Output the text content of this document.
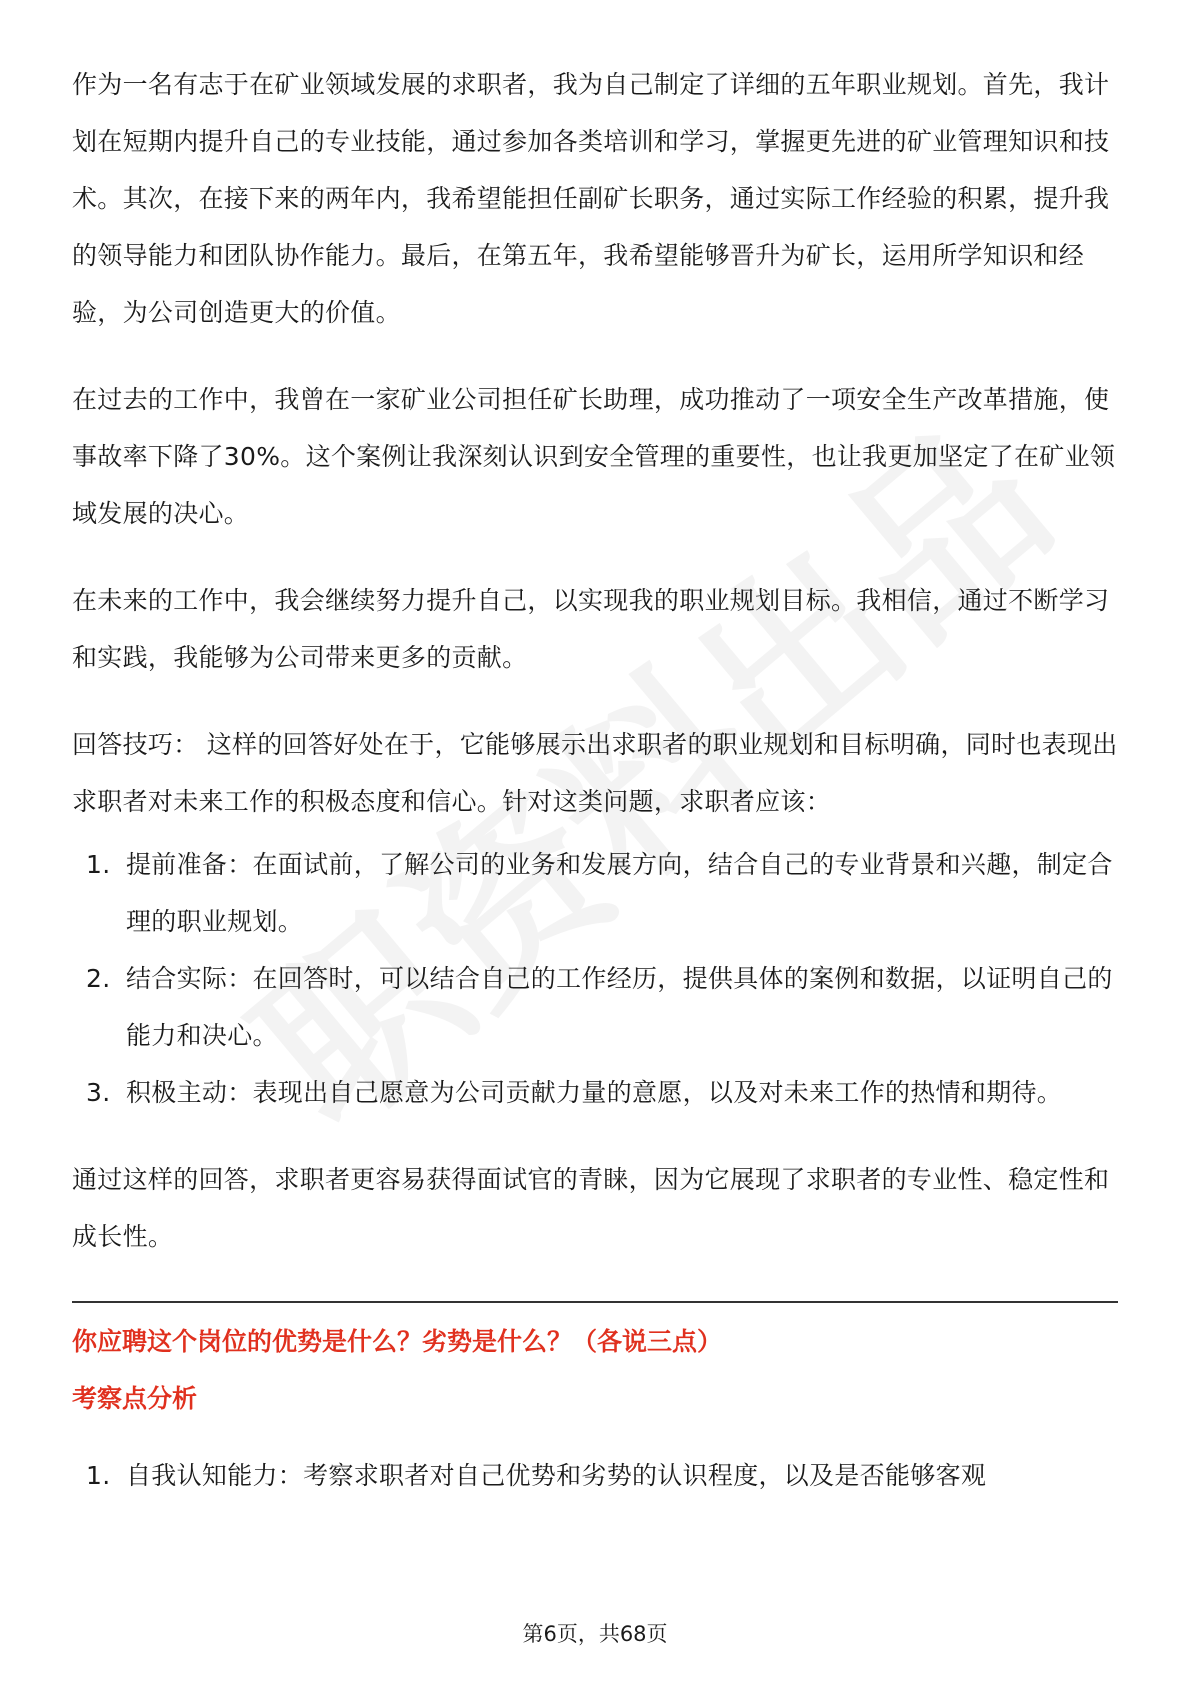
作为一名有志于在矿业领域发展的求职者，我为自己制定了详细的五年职业规划。首先，我计划在短期内提升自己的专业技能，通过参加各类培训和学习，掌握更先进的矿业管理知识和技术。其次，在接下来的两年内，我希望能担任副矿长职务，通过实际工作经验的积累，提升我的领导能力和团队协作能力。最后，在第五年，我希望能够晋升为矿长，运用所学知识和经验，为公司创造更大的价值。

在过去的工作中，我曾在一家矿业公司担任矿长助理，成功推动了一项安全生产改革措施，使事故率下降了30%。这个案例让我深刻认识到安全管理的重要性，也让我更加坚定了在矿业领域发展的决心。

在未来的工作中，我会继续努力提升自己，以实现我的职业规划目标。我相信，通过不断学习和实践，我能够为公司带来更多的贡献。

回答技巧： 这样的回答好处在于，它能够展示出求职者的职业规划和目标明确，同时也表现出求职者对未来工作的积极态度和信心。针对这类问题，求职者应该：

1. 提前准备：在面试前，了解公司的业务和发展方向，结合自己的专业背景和兴趣，制定合理的职业规划。
2. 结合实际：在回答时，可以结合自己的工作经历，提供具体的案例和数据，以证明自己的能力和决心。
3. 积极主动：表现出自己愿意为公司贡献力量的意愿，以及对未来工作的热情和期待。

通过这样的回答，求职者更容易获得面试官的青睐，因为它展现了求职者的专业性、稳定性和成长性。

你应聘这个岗位的优势是什么？劣势是什么？（各说三点）
考察点分析
1. 自我认知能力：考察求职者对自己优势和劣势的认识程度，以及是否能够客观
第6页，共68页
